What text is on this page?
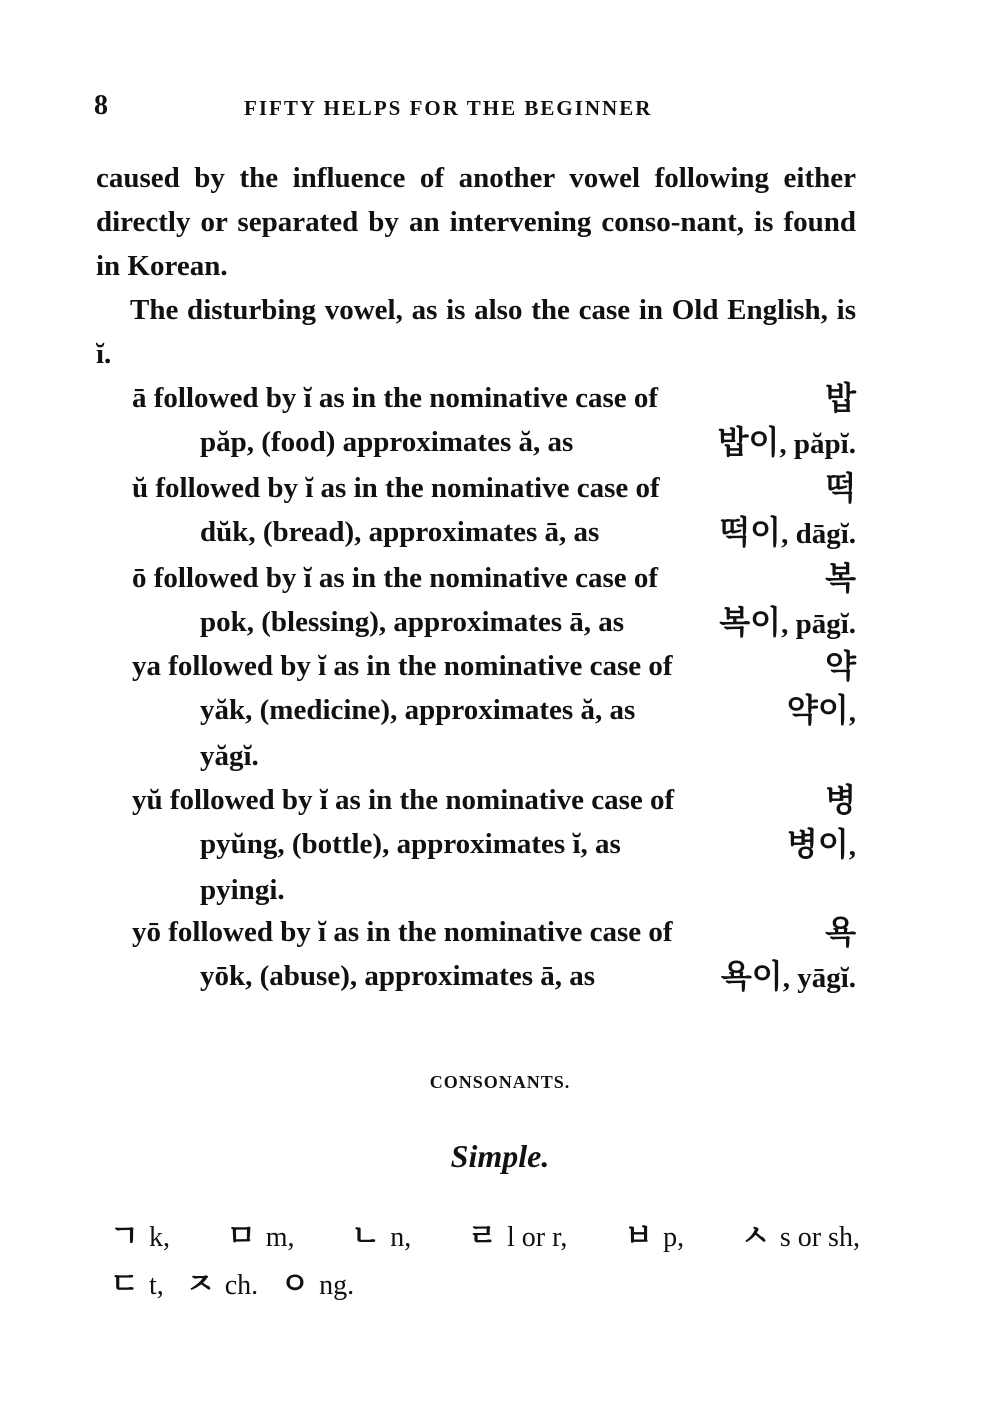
8	FIFTY HELPS FOR THE BEGINNER
caused by the influence of another vowel following either directly or separated by an intervening conso-nant, is found in Korean.
The disturbing vowel, as is also the case in Old English, is ĭ.
ā followed by ĭ as in the nominative case of	밥
păp, (food) approximates ă, as	밥이, păpĭ.
ŭ followed by ĭ as in the nominative case of	떡
dŭk, (bread), approximates ā, as	떡이, dāgĭ.
ō followed by ĭ as in the nominative case of	복
pok, (blessing), approximates ā, as	복이, pāgĭ.
ya followed by ĭ as in the nominative case of	약
yăk, (medicine), approximates ă, as	약이,
yăgĭ.
yŭ followed by ĭ as in the nominative case of	병
pyŭng, (bottle), approximates ĭ, as	병이,
pyingi.
yō followed by ĭ as in the nominative case of	욕
yōk, (abuse), approximates ā, as	욕이, yāgĭ.
CONSONANTS.
Simple.
ㄱ k, ㅁ m, ㄴ n, ㄹ l or r, ㅂ p, ㅅ s or sh,
ㄷ t, ㅈ ch. ㅇ ng.
